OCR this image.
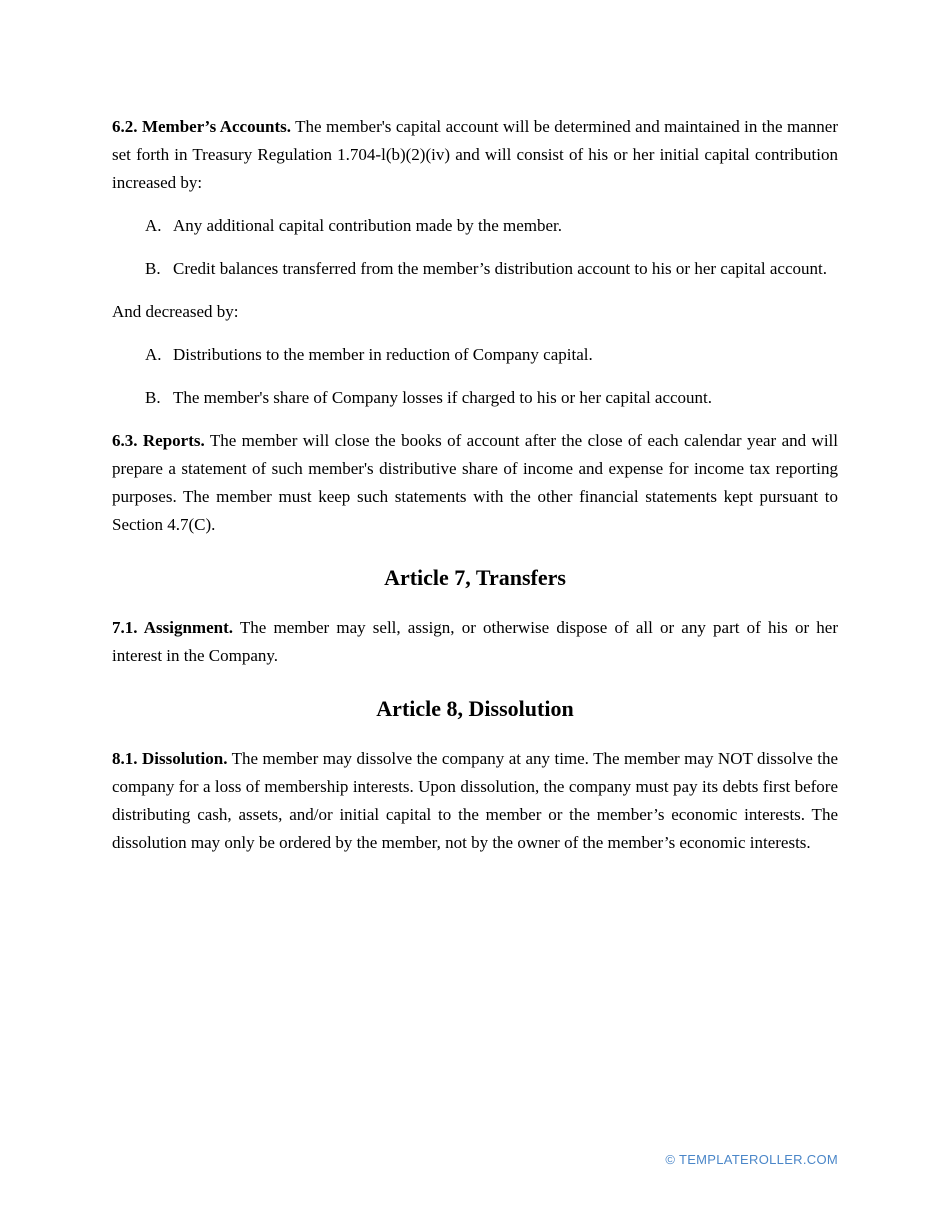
6.2. Member’s Accounts. The member's capital account will be determined and maintained in the manner set forth in Treasury Regulation 1.704-l(b)(2)(iv) and will consist of his or her initial capital contribution increased by:

A. Any additional capital contribution made by the member.
B. Credit balances transferred from the member’s distribution account to his or her capital account.

And decreased by:

A. Distributions to the member in reduction of Company capital.
B. The member's share of Company losses if charged to his or her capital account.

6.3. Reports. The member will close the books of account after the close of each calendar year and will prepare a statement of such member's distributive share of income and expense for income tax reporting purposes. The member must keep such statements with the other financial statements kept pursuant to Section 4.7(C).

Article 7, Transfers

7.1. Assignment. The member may sell, assign, or otherwise dispose of all or any part of his or her interest in the Company.

Article 8, Dissolution

8.1. Dissolution. The member may dissolve the company at any time. The member may NOT dissolve the company for a loss of membership interests. Upon dissolution, the company must pay its debts first before distributing cash, assets, and/or initial capital to the member or the member’s economic interests. The dissolution may only be ordered by the member, not by the owner of the member’s economic interests.

© TEMPLATEROLLER.COM
